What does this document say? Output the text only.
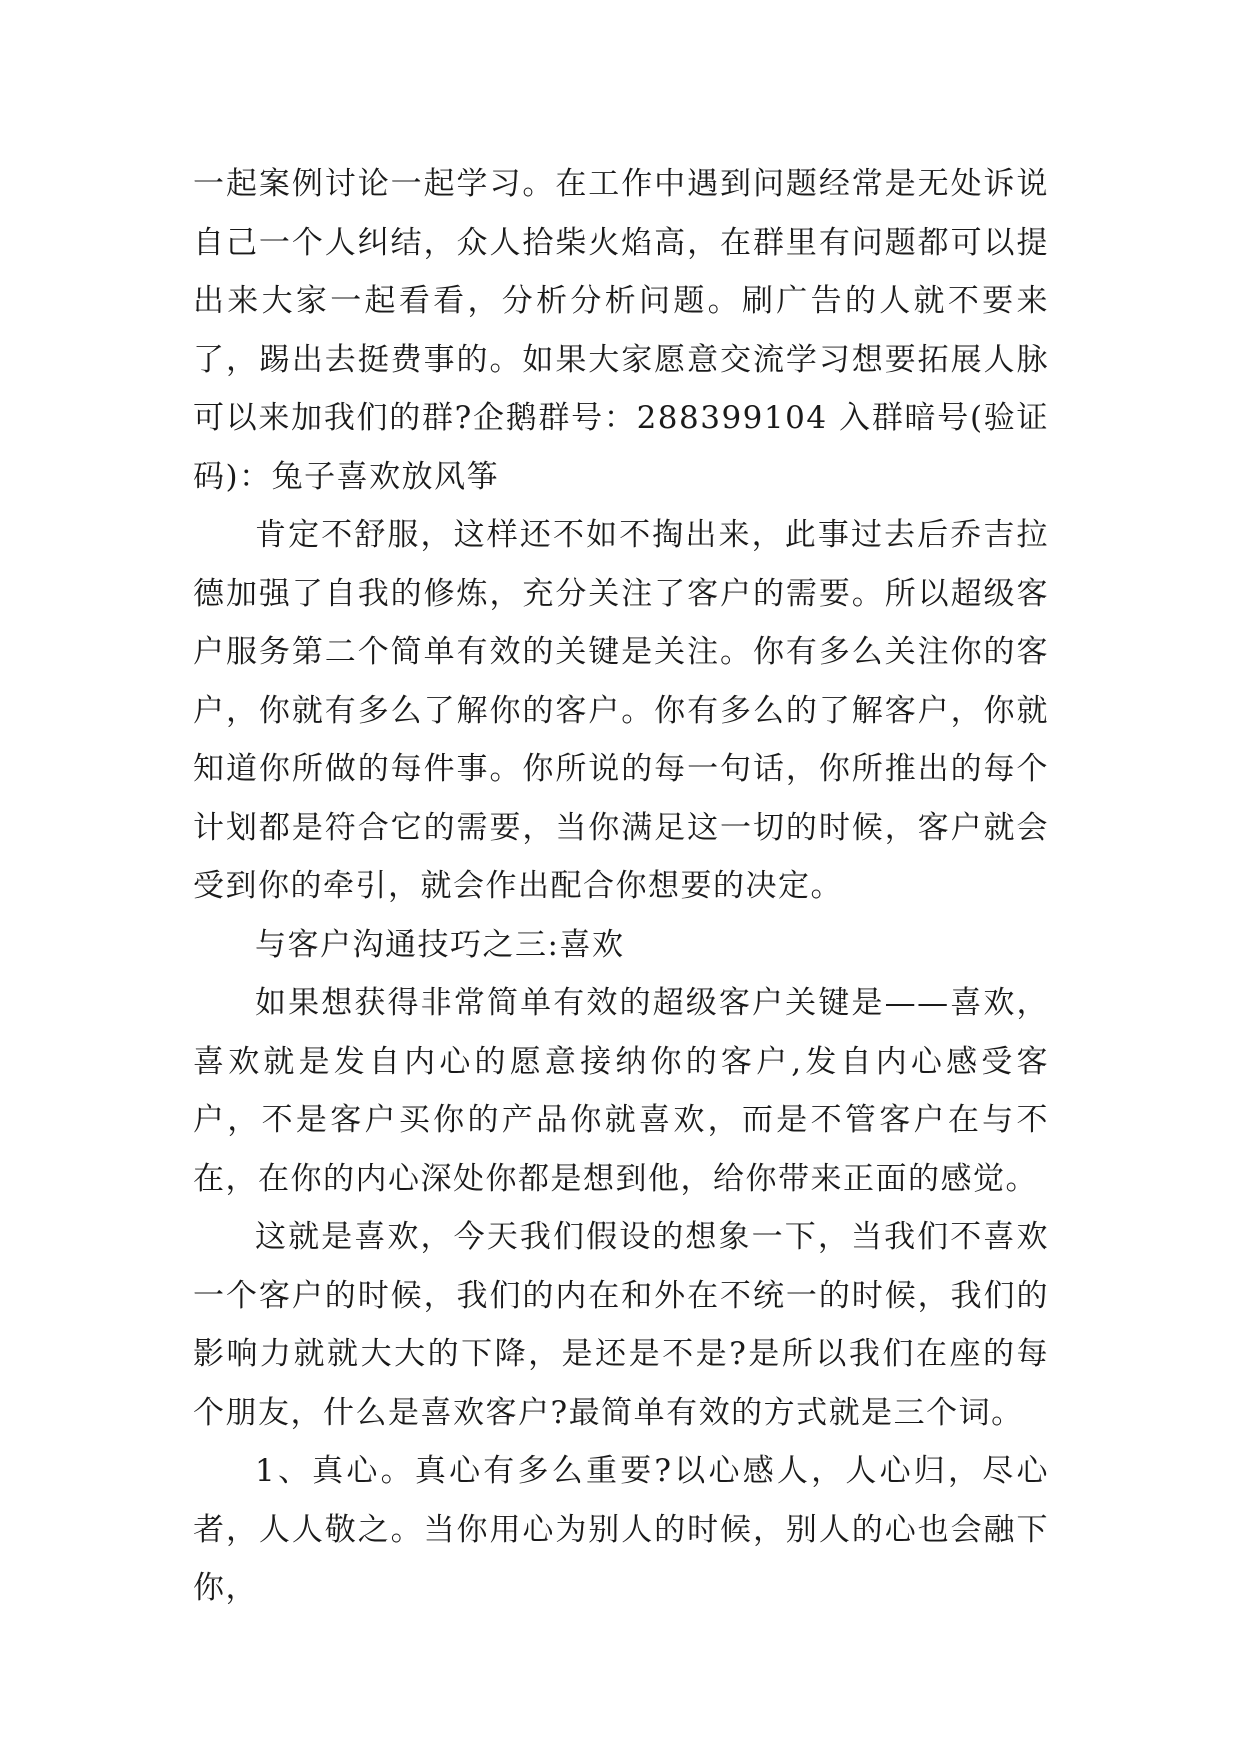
一起案例讨论一起学习。在工作中遇到问题经常是无处诉说自己一个人纠结，众人拾柴火焰高，在群里有问题都可以提出来大家一起看看，分析分析问题。刷广告的人就不要来了，踢出去挺费事的。如果大家愿意交流学习想要拓展人脉可以来加我们的群?企鹅群号：288399104 入群暗号(验证码)：兔子喜欢放风筝

肯定不舒服，这样还不如不掏出来，此事过去后乔吉拉德加强了自我的修炼，充分关注了客户的需要。所以超级客户服务第二个简单有效的关键是关注。你有多么关注你的客户，你就有多么了解你的客户。你有多么的了解客户，你就知道你所做的每件事。你所说的每一句话，你所推出的每个计划都是符合它的需要，当你满足这一切的时候，客户就会受到你的牵引，就会作出配合你想要的决定。

与客户沟通技巧之三:喜欢

如果想获得非常简单有效的超级客户关键是——喜欢，喜欢就是发自内心的愿意接纳你的客户,发自内心感受客户，不是客户买你的产品你就喜欢，而是不管客户在与不在，在你的内心深处你都是想到他，给你带来正面的感觉。

这就是喜欢，今天我们假设的想象一下，当我们不喜欢一个客户的时候，我们的内在和外在不统一的时候，我们的影响力就就大大的下降，是还是不是?是所以我们在座的每个朋友，什么是喜欢客户?最简单有效的方式就是三个词。

1、真心。真心有多么重要?以心感人，人心归，尽心者，人人敬之。当你用心为别人的时候，别人的心也会融下你，
